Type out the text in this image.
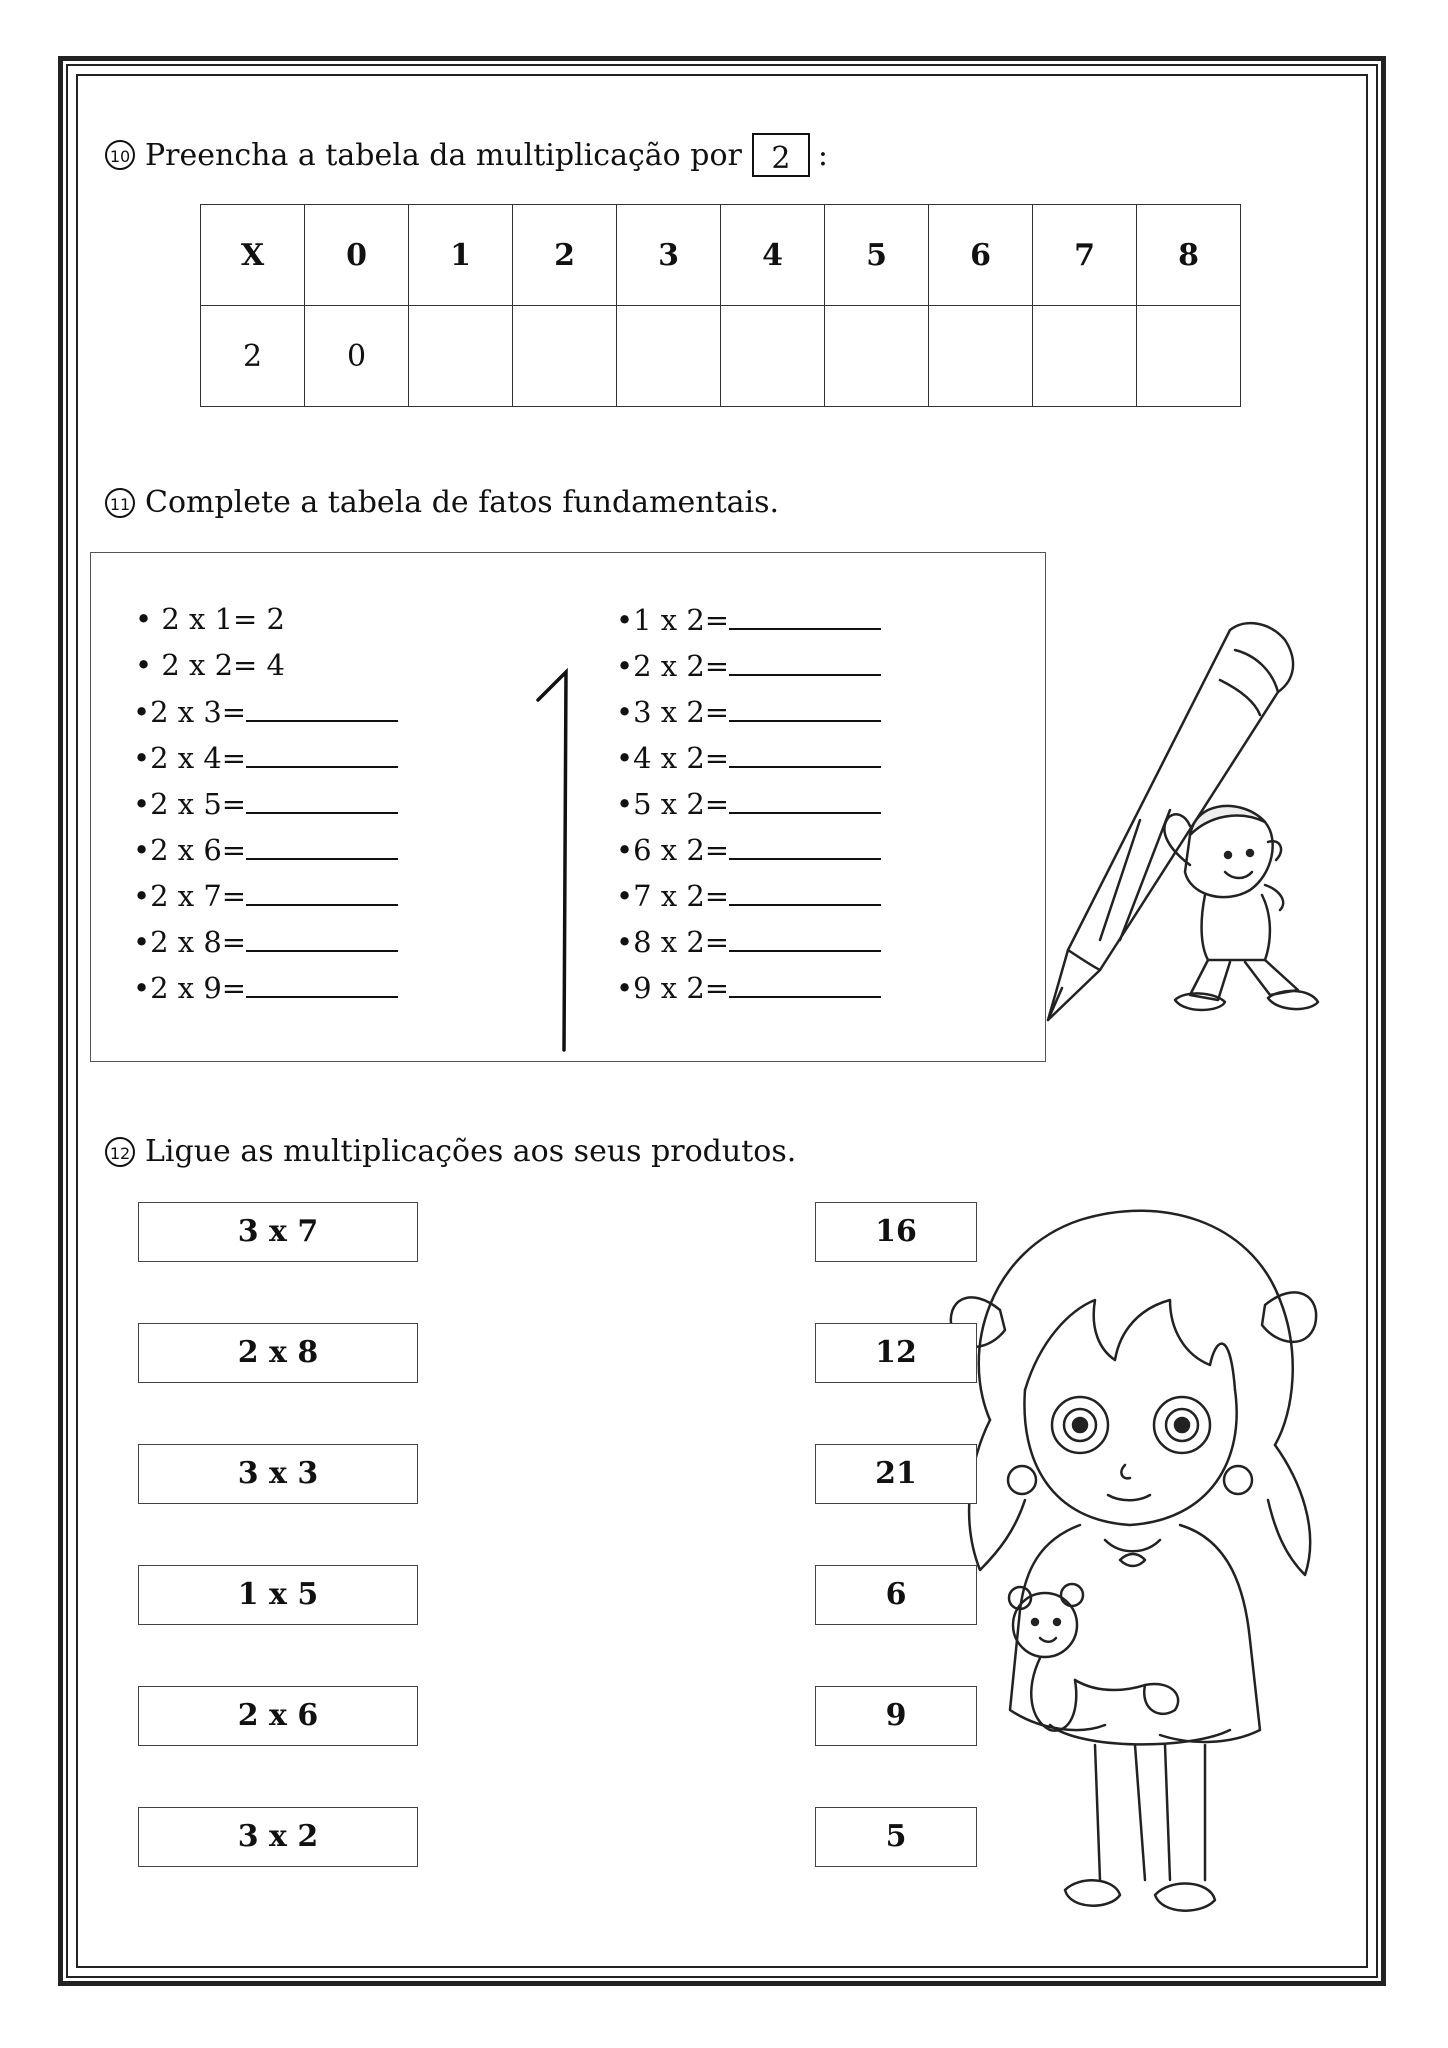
10 Preencha a tabela da multiplicação por 2 :
X	0	1	2	3	4	5	6	7	8
2	0								
11 Complete a tabela de fatos fundamentais.
• 2 x 1= 2
• 2 x 2= 4
•2 x 3=
•2 x 4=
•2 x 5=
•2 x 6=
•2 x 7=
•2 x 8=
•2 x 9=
•1 x 2=
•2 x 2=
•3 x 2=
•4 x 2=
•5 x 2=
•6 x 2=
•7 x 2=
•8 x 2=
•9 x 2=
12 Ligue as multiplicações aos seus produtos.
3 x 7
2 x 8
3 x 3
1 x 5
2 x 6
3 x 2
16
12
21
6
9
5
